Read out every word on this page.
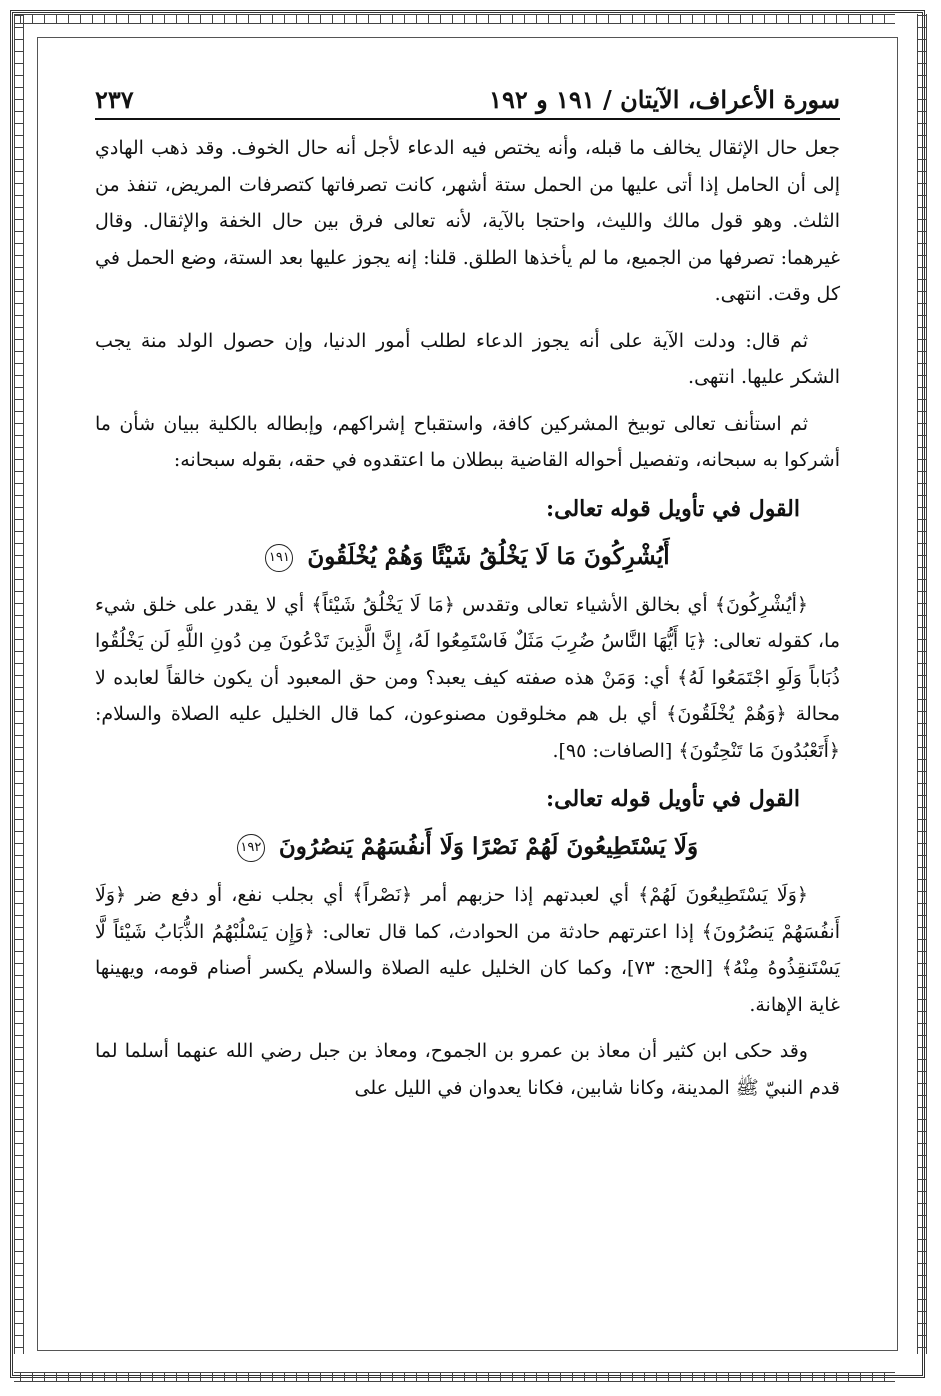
سورة الأعراف، الآيتان / ١٩١ و ١٩٢
٢٣٧

جعل حال الإثقال يخالف ما قبله، وأنه يختص فيه الدعاء لأجل أنه حال الخوف. وقد ذهب الهادي إلى أن الحامل إذا أتى عليها من الحمل ستة أشهر، كانت تصرفاتها كتصرفات المريض، تنفذ من الثلث. وهو قول مالك والليث، واحتجا بالآية، لأنه تعالى فرق بين حال الخفة والإثقال. وقال غيرهما: تصرفها من الجميع، ما لم يأخذها الطلق. قلنا: إنه يجوز عليها بعد الستة، وضع الحمل في كل وقت. انتهى.

ثم قال: ودلت الآية على أنه يجوز الدعاء لطلب أمور الدنيا، وإن حصول الولد منة يجب الشكر عليها. انتهى.

ثم استأنف تعالى توبيخ المشركين كافة، واستقباح إشراكهم، وإبطاله بالكلية ببيان شأن ما أشركوا به سبحانه، وتفصيل أحواله القاضية ببطلان ما اعتقدوه في حقه، بقوله سبحانه:

القول في تأويل قوله تعالى:
أَيُشْرِكُونَ مَا لَا يَخْلُقُ شَيْئًا وَهُمْ يُخْلَقُونَ ١٩١

﴿أيُشْرِكُونَ﴾ أي بخالق الأشياء تعالى وتقدس ﴿مَا لَا يَخْلُقُ شَيْئاً﴾ أي لا يقدر على خلق شيء ما، كقوله تعالى: ﴿يَا أَيُّهَا النَّاسُ ضُرِبَ مَثَلٌ فَاسْتَمِعُوا لَهُ، إِنَّ الَّذِينَ تَدْعُونَ مِن دُونِ اللَّهِ لَن يَخْلُقُوا ذُبَاباً وَلَوِ اجْتَمَعُوا لَهُ﴾ أي: وَمَنْ هذه صفته كيف يعبد؟ ومن حق المعبود أن يكون خالقاً لعابده لا محالة ﴿وَهُمْ يُخْلَقُونَ﴾ أي بل هم مخلوقون مصنوعون، كما قال الخليل عليه الصلاة والسلام: ﴿أَتَعْبُدُونَ مَا تَنْحِتُونَ﴾ [الصافات: ٩٥].

القول في تأويل قوله تعالى:
وَلَا يَسْتَطِيعُونَ لَهُمْ نَصْرًا وَلَا أَنفُسَهُمْ يَنصُرُونَ ١٩٢

﴿وَلَا يَسْتَطِيعُونَ لَهُمْ﴾ أي لعبدتهم إذا حزبهم أمر ﴿نَصْراً﴾ أي بجلب نفع، أو دفع ضر ﴿وَلَا أَنفُسَهُمْ يَنصُرُونَ﴾ إذا اعترتهم حادثة من الحوادث، كما قال تعالى: ﴿وَإِن يَسْلُبْهُمُ الذُّبَابُ شَيْئاً لَّا يَسْتَنقِذُوهُ مِنْهُ﴾ [الحج: ٧٣]، وكما كان الخليل عليه الصلاة والسلام يكسر أصنام قومه، ويهينها غاية الإهانة.

وقد حكى ابن كثير أن معاذ بن عمرو بن الجموح، ومعاذ بن جبل رضي الله عنهما أسلما لما قدم النبيّ ﷺ المدينة، وكانا شابين، فكانا يعدوان في الليل على
